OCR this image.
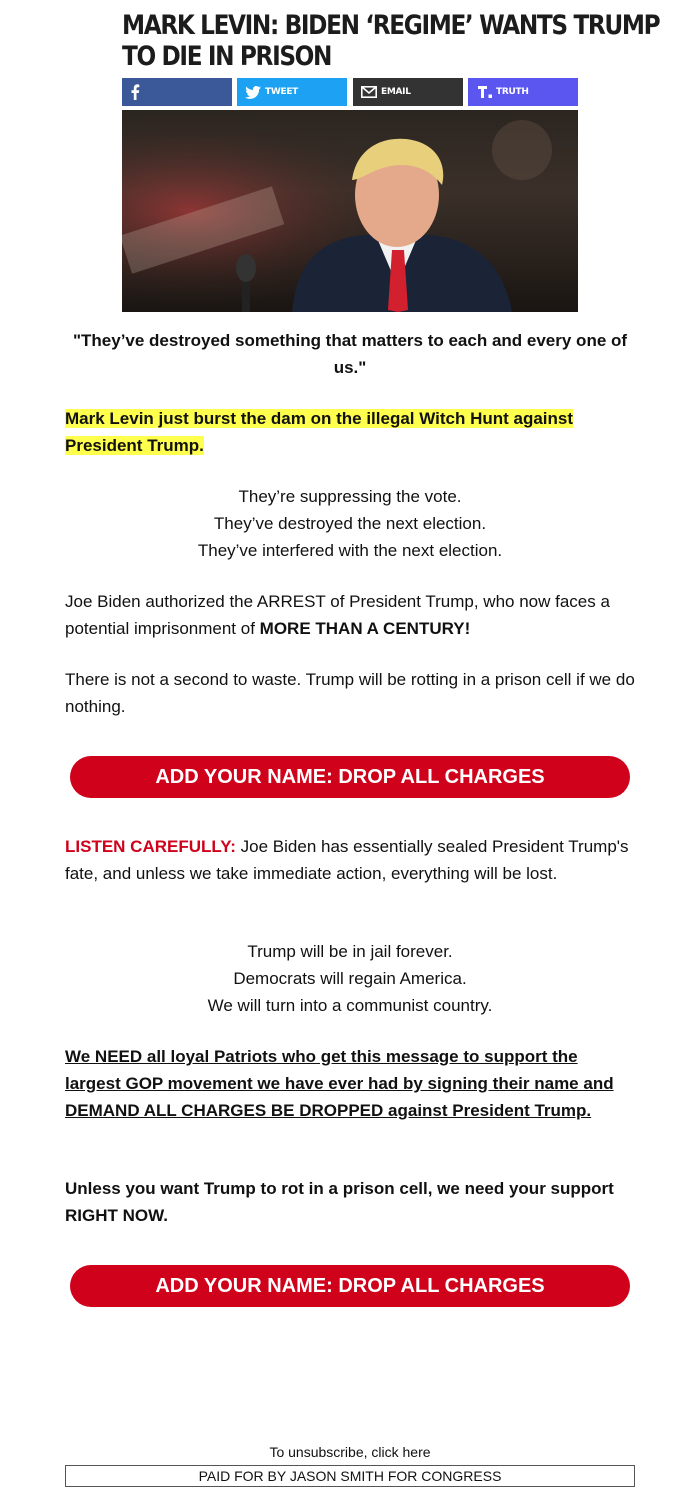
MARK LEVIN: BIDEN ‘REGIME’ WANTS TRUMP
TO DIE IN PRISON
TWEET	EMAIL	TRUTH
"They’ve destroyed something that matters to each and every one of us."
Mark Levin just burst the dam on the illegal Witch Hunt against President Trump.
They’re suppressing the vote.
They’ve destroyed the next election.
They’ve interfered with the next election.
Joe Biden authorized the ARREST of President Trump, who now faces a potential imprisonment of MORE THAN A CENTURY!
There is not a second to waste. Trump will be rotting in a prison cell if we do nothing.
ADD YOUR NAME: DROP ALL CHARGES
LISTEN CAREFULLY: Joe Biden has essentially sealed President Trump's fate, and unless we take immediate action, everything will be lost.
Trump will be in jail forever.
Democrats will regain America.
We will turn into a communist country.
We NEED all loyal Patriots who get this message to support the largest GOP movement we have ever had by signing their name and DEMAND ALL CHARGES BE DROPPED against President Trump.
Unless you want Trump to rot in a prison cell, we need your support RIGHT NOW.
ADD YOUR NAME: DROP ALL CHARGES
To unsubscribe, click here
PAID FOR BY JASON SMITH FOR CONGRESS
